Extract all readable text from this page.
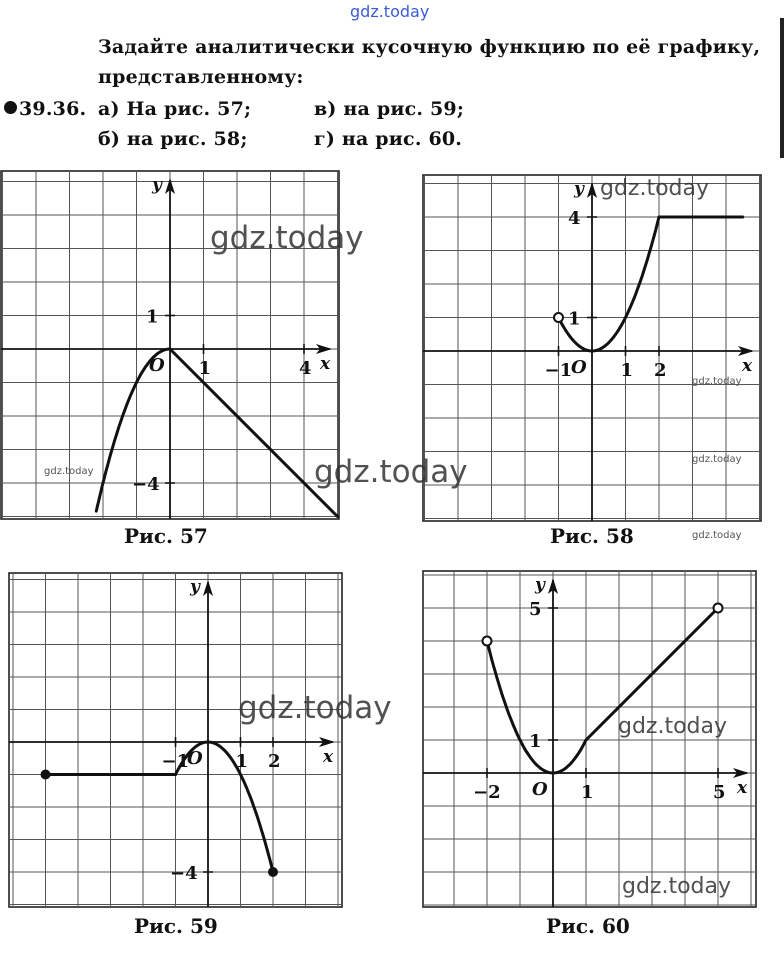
gdz.today
Задайте аналитически кусочную функцию по её графику,
представленному:
39.36. а) На рис. 57;	в) на рис. 59;
б) на рис. 58;	г) на рис. 60.
x
y
O 1	4
1
−4
Рис. 57
x
y
O
−1	1 2
1
4
Рис. 58
x
y
O
−1	1 2
−4
Рис. 59
x
y
O
−2	1	5
1
5
Рис. 60
gdz.today
gdz.today
gdz.today
gdz.today
gdz.today
gdz.today
gdz.today
gdz.today
gdz.today
gdz.today
